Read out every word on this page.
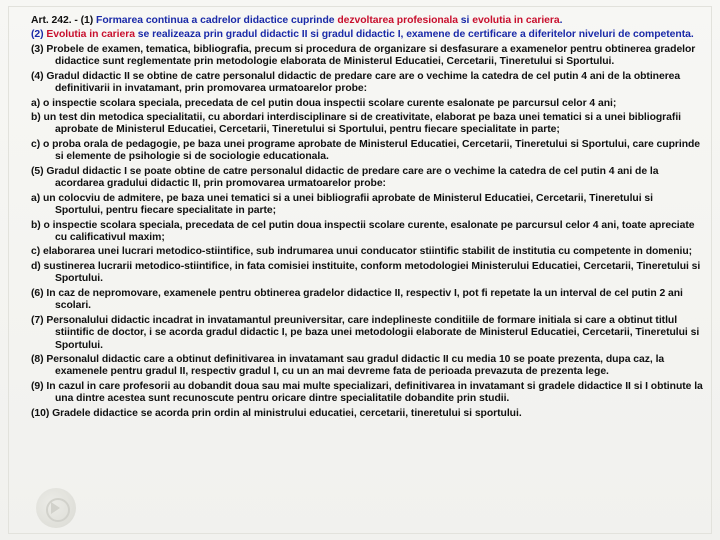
Art. 242. - (1) Formarea continua a cadrelor didactice cuprinde dezvoltarea profesionala si evolutia in cariera.

(2) Evolutia in cariera se realizeaza prin gradul didactic II si gradul didactic I, examene de certificare a diferitelor niveluri de competenta.

(3) Probele de examen, tematica, bibliografia, precum si procedura de organizare si desfasurare a examenelor pentru obtinerea gradelor didactice sunt reglementate prin metodologie elaborata de Ministerul Educatiei, Cercetarii, Tineretului si Sportului.

(4) Gradul didactic II se obtine de catre personalul didactic de predare care are o vechime la catedra de cel putin 4 ani de la obtinerea definitivarii in invatamant, prin promovarea urmatoarelor probe:

a) o inspectie scolara speciala, precedata de cel putin doua inspectii scolare curente esalonate pe parcursul celor 4 ani;

b) un test din metodica specialitatii, cu abordari interdisciplinare si de creativitate, elaborat pe baza unei tematici si a unei bibliografii aprobate de Ministerul Educatiei, Cercetarii, Tineretului si Sportului, pentru fiecare specialitate in parte;

c) o proba orala de pedagogie, pe baza unei programe aprobate de Ministerul Educatiei, Cercetarii, Tineretului si Sportului, care cuprinde si elemente de psihologie si de sociologie educationala.

(5) Gradul didactic I se poate obtine de catre personalul didactic de predare care are o vechime la catedra de cel putin 4 ani de la acordarea gradului didactic II, prin promovarea urmatoarelor probe:

a) un colocviu de admitere, pe baza unei tematici si a unei bibliografii aprobate de Ministerul Educatiei, Cercetarii, Tineretului si Sportului, pentru fiecare specialitate in parte;

b) o inspectie scolara speciala, precedata de cel putin doua inspectii scolare curente, esalonate pe parcursul celor 4 ani, toate apreciate cu calificativul maxim;

c) elaborarea unei lucrari metodico-stiintifice, sub indrumarea unui conducator stiintific stabilit de institutia cu competente in domeniu;

d) sustinerea lucrarii metodico-stiintifice, in fata comisiei instituite, conform metodologiei Ministerului Educatiei, Cercetarii, Tineretului si Sportului.

(6) In caz de nepromovare, examenele pentru obtinerea gradelor didactice II, respectiv I, pot fi repetate la un interval de cel putin 2 ani scolari.

(7) Personalului didactic incadrat in invatamantul preuniversitar, care indeplineste conditiile de formare initiala si care a obtinut titlul stiintific de doctor, i se acorda gradul didactic I, pe baza unei metodologii elaborate de Ministerul Educatiei, Cercetarii, Tineretului si Sportului.

(8) Personalul didactic care a obtinut definitivarea in invatamant sau gradul didactic II cu media 10 se poate prezenta, dupa caz, la examenele pentru gradul II, respectiv gradul I, cu un an mai devreme fata de perioada prevazuta de prezenta lege.

(9) In cazul in care profesorii au dobandit doua sau mai multe specializari, definitivarea in invatamant si gradele didactice II si I obtinute la una dintre acestea sunt recunoscute pentru oricare dintre specialitatile dobandite prin studii.

(10) Gradele didactice se acorda prin ordin al ministrului educatiei, cercetarii, tineretului si sportului.
